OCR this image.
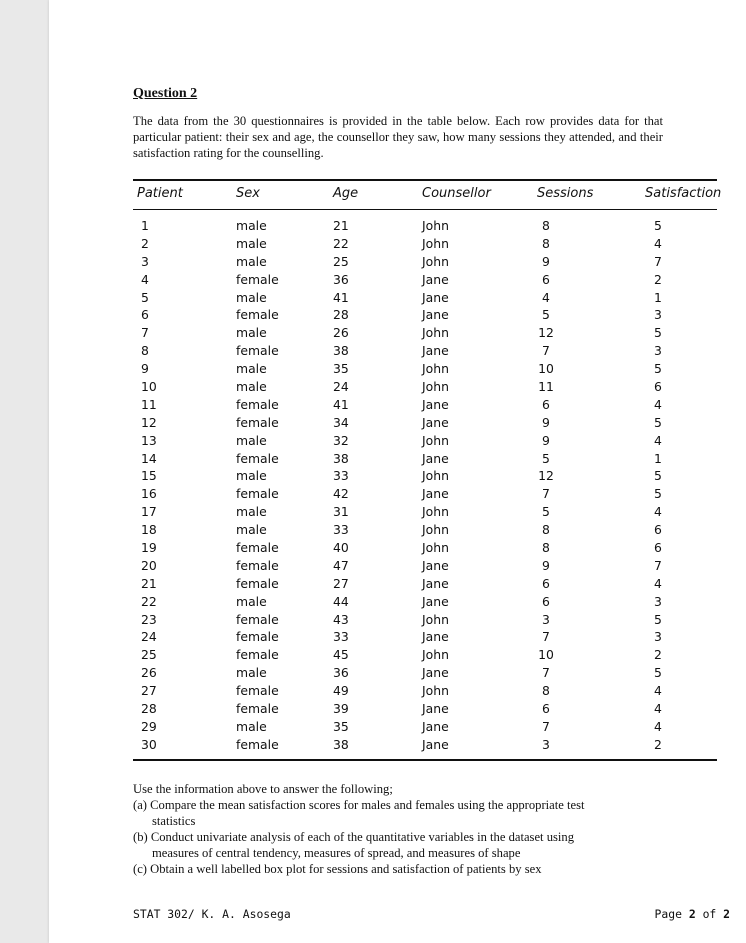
Question 2
The data from the 30 questionnaires is provided in the table below. Each row provides data for that particular patient: their sex and age, the counsellor they saw, how many sessions they attended, and their satisfaction rating for the counselling.
Patient	Sex	Age	Counsellor	Sessions	Satisfaction
1	male	21	John	8	5
2	male	22	John	8	4
3	male	25	John	9	7
4	female	36	Jane	6	2
5	male	41	Jane	4	1
6	female	28	Jane	5	3
7	male	26	John	12	5
8	female	38	Jane	7	3
9	male	35	John	10	5
10	male	24	John	11	6
11	female	41	Jane	6	4
12	female	34	Jane	9	5
13	male	32	John	9	4
14	female	38	Jane	5	1
15	male	33	John	12	5
16	female	42	Jane	7	5
17	male	31	John	5	4
18	male	33	John	8	6
19	female	40	John	8	6
20	female	47	Jane	9	7
21	female	27	Jane	6	4
22	male	44	Jane	6	3
23	female	43	John	3	5
24	female	33	Jane	7	3
25	female	45	John	10	2
26	male	36	Jane	7	5
27	female	49	John	8	4
28	female	39	Jane	6	4
29	male	35	Jane	7	4
30	female	38	Jane	3	2
Use the information above to answer the following;
(a) Compare the mean satisfaction scores for males and females using the appropriate test
statistics
(b) Conduct univariate analysis of each of the quantitative variables in the dataset using
measures of central tendency, measures of spread, and measures of shape
(c) Obtain a well labelled box plot for sessions and satisfaction of patients by sex
STAT 302/ K. A. Asosega	Page 2 of 2
